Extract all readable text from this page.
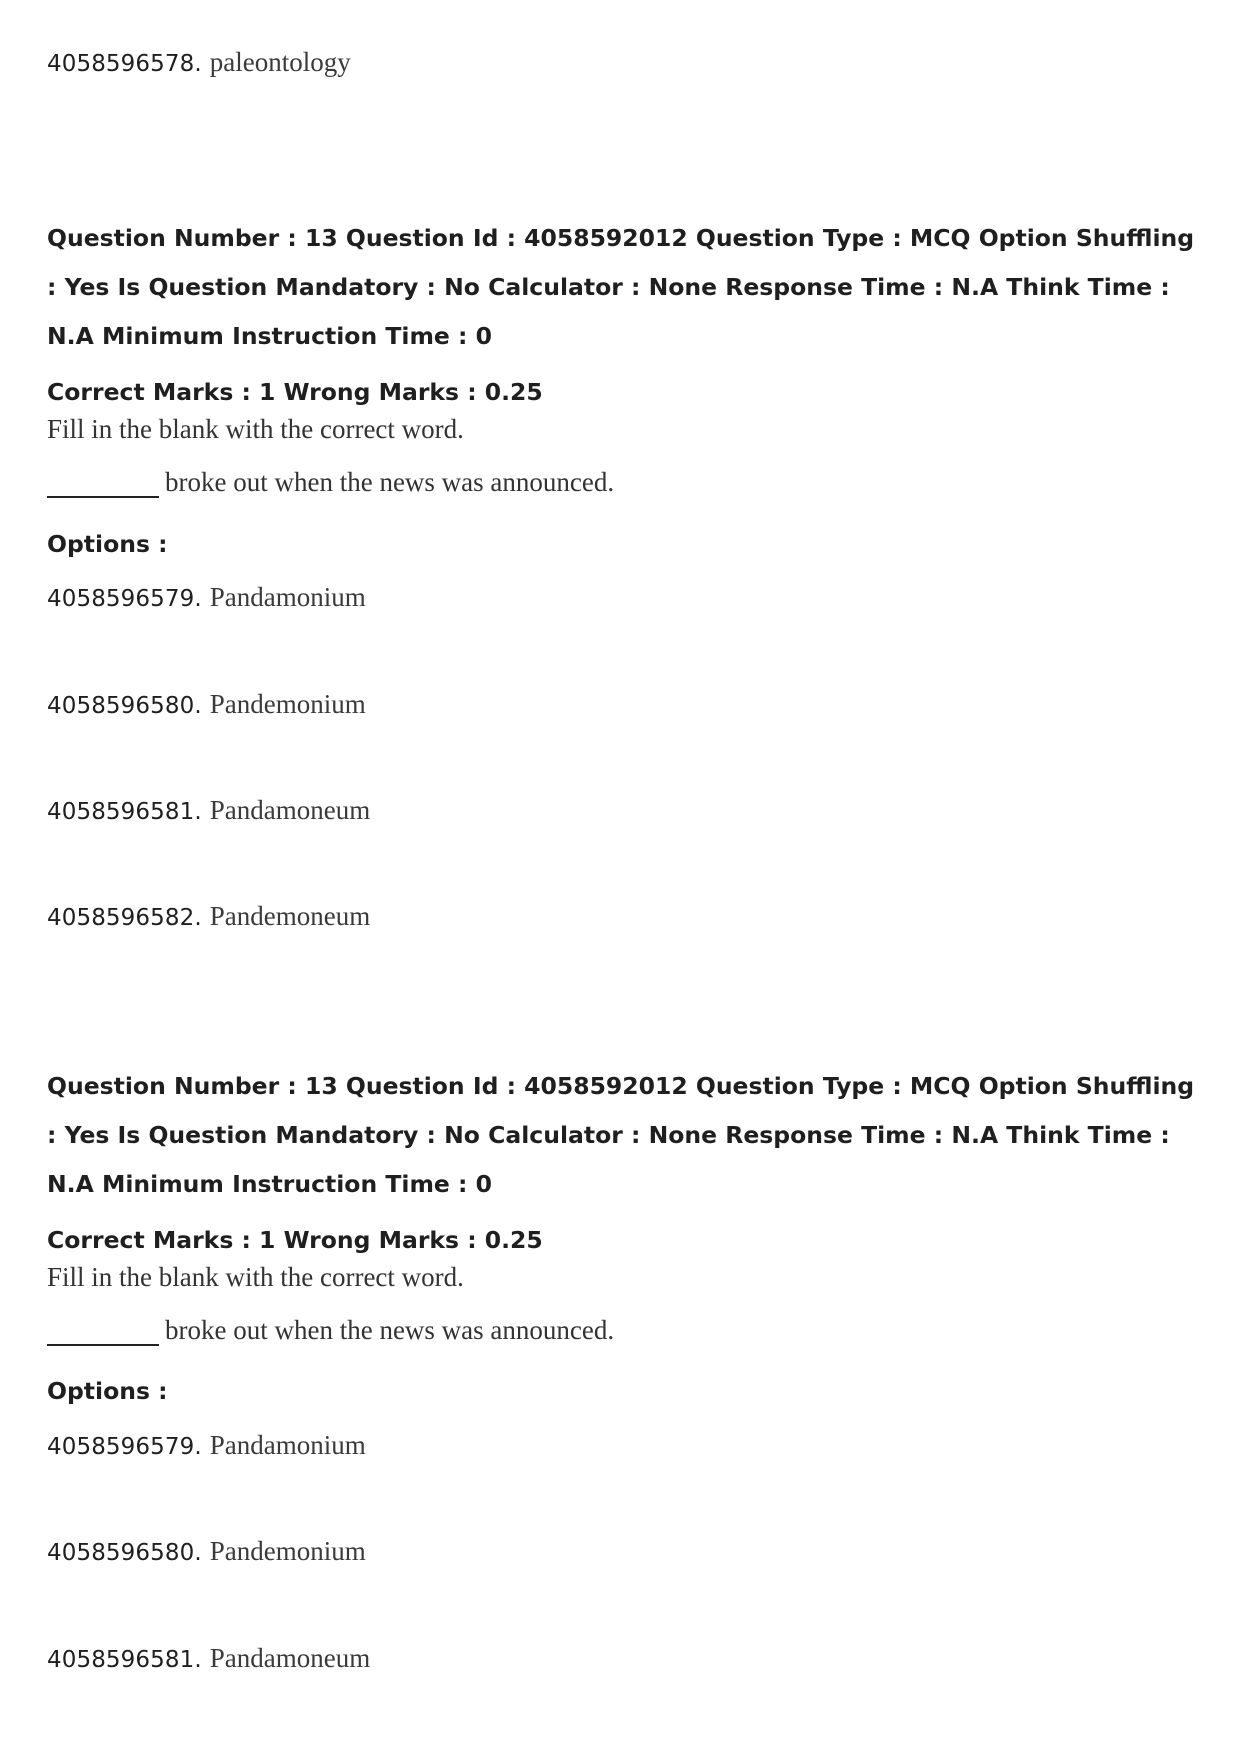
4058596578. paleontology
Question Number : 13 Question Id : 4058592012 Question Type : MCQ Option Shuffling : Yes Is Question Mandatory : No Calculator : None Response Time : N.A Think Time : N.A Minimum Instruction Time : 0
Correct Marks : 1 Wrong Marks : 0.25
Fill in the blank with the correct word.
broke out when the news was announced.
Options :
4058596579. Pandamonium
4058596580. Pandemonium
4058596581. Pandamoneum
4058596582. Pandemoneum
Question Number : 13 Question Id : 4058592012 Question Type : MCQ Option Shuffling : Yes Is Question Mandatory : No Calculator : None Response Time : N.A Think Time : N.A Minimum Instruction Time : 0
Correct Marks : 1 Wrong Marks : 0.25
Fill in the blank with the correct word.
broke out when the news was announced.
Options :
4058596579. Pandamonium
4058596580. Pandemonium
4058596581. Pandamoneum
